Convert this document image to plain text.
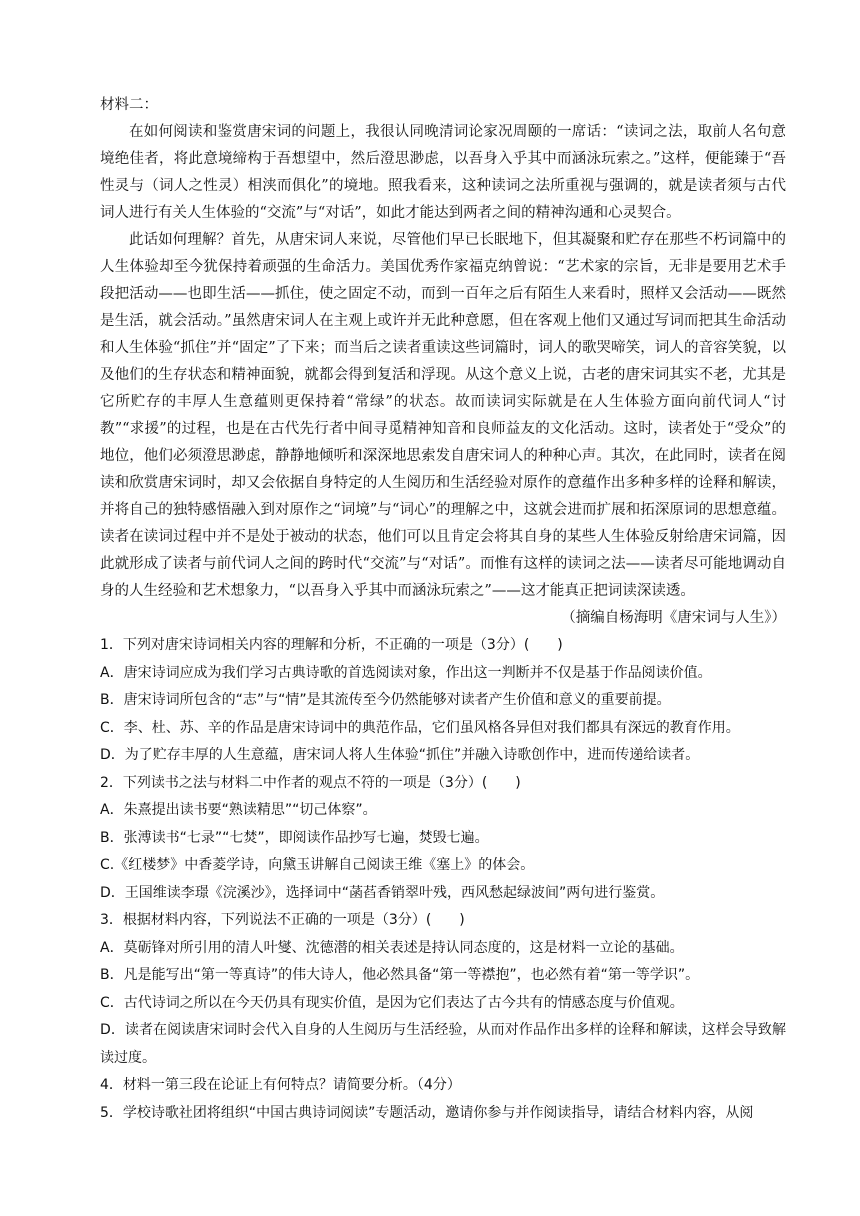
材料二：

在如何阅读和鉴赏唐宋词的问题上，我很认同晚清词论家况周颐的一席话：“读词之法，取前人名句意境绝佳者，将此意境缔构于吾想望中，然后澄思渺虑，以吾身入乎其中而涵泳玩索之。”这样，便能臻于“吾性灵与（词人之性灵）相浃而俱化”的境地。照我看来，这种读词之法所重视与强调的，就是读者须与古代词人进行有关人生体验的“交流”与“对话”，如此才能达到两者之间的精神沟通和心灵契合。

此话如何理解？首先，从唐宋词人来说，尽管他们早已长眠地下，但其凝聚和贮存在那些不朽词篇中的人生体验却至今犹保持着顽强的生命活力。美国优秀作家福克纳曾说：“艺术家的宗旨，无非是要用艺术手段把活动——也即生活——抓住，使之固定不动，而到一百年之后有陌生人来看时，照样又会活动——既然是生活，就会活动。”虽然唐宋词人在主观上或许并无此种意愿，但在客观上他们又通过写词而把其生命活动和人生体验“抓住”并“固定”了下来；而当后之读者重读这些词篇时，词人的歌哭啼笑，词人的音容笑貌，以及他们的生存状态和精神面貌，就都会得到复活和浮现。从这个意义上说，古老的唐宋词其实不老，尤其是它所贮存的丰厚人生意蕴则更保持着“常绿”的状态。故而读词实际就是在人生体验方面向前代词人“讨教”“求援”的过程，也是在古代先行者中间寻觅精神知音和良师益友的文化活动。这时，读者处于“受众”的地位，他们必须澄思渺虑，静静地倾听和深深地思索发自唐宋词人的种种心声。其次，在此同时，读者在阅读和欣赏唐宋词时，却又会依据自身特定的人生阅历和生活经验对原作的意蕴作出多种多样的诠释和解读，并将自己的独特感悟融入到对原作之“词境”与“词心”的理解之中，这就会进而扩展和拓深原词的思想意蕴。读者在读词过程中并不是处于被动的状态，他们可以且肯定会将其自身的某些人生体验反射给唐宋词篇，因此就形成了读者与前代词人之间的跨时代“交流”与“对话”。而惟有这样的读词之法——读者尽可能地调动自身的人生经验和艺术想象力，“以吾身入乎其中而涵泳玩索之”——这才能真正把词读深读透。

（摘编自杨海明《唐宋词与人生》）

1．下列对唐宋诗词相关内容的理解和分析，不正确的一项是（3分）(　　)

A．唐宋诗词应成为我们学习古典诗歌的首选阅读对象，作出这一判断并不仅是基于作品阅读价值。

B．唐宋诗词所包含的“志”与“情”是其流传至今仍然能够对读者产生价值和意义的重要前提。

C．李、杜、苏、辛的作品是唐宋诗词中的典范作品，它们虽风格各异但对我们都具有深远的教育作用。

D．为了贮存丰厚的人生意蕴，唐宋词人将人生体验“抓住”并融入诗歌创作中，进而传递给读者。

2．下列读书之法与材料二中作者的观点不符的一项是（3分）(　　)

A．朱熹提出读书要“熟读精思”“切己体察”。

B．张溥读书“七录”“七焚”，即阅读作品抄写七遍，焚毁七遍。

C.《红楼梦》中香菱学诗，向黛玉讲解自己阅读王维《塞上》的体会。

D．王国维读李璟《浣溪沙》，选择词中“菡萏香销翠叶残，西风愁起绿波间”两句进行鉴赏。

3．根据材料内容，下列说法不正确的一项是（3分）(　　)

A．莫砺锋对所引用的清人叶燮、沈德潜的相关表述是持认同态度的，这是材料一立论的基础。

B．凡是能写出“第一等真诗”的伟大诗人，他必然具备“第一等襟抱”，也必然有着“第一等学识”。

C．古代诗词之所以在今天仍具有现实价值，是因为它们表达了古今共有的情感态度与价值观。

D．读者在阅读唐宋词时会代入自身的人生阅历与生活经验，从而对作品作出多样的诠释和解读，这样会导致解读过度。

4．材料一第三段在论证上有何特点？请简要分析。（4分）

5．学校诗歌社团将组织“中国古典诗词阅读”专题活动，邀请你参与并作阅读指导，请结合材料内容，从阅
